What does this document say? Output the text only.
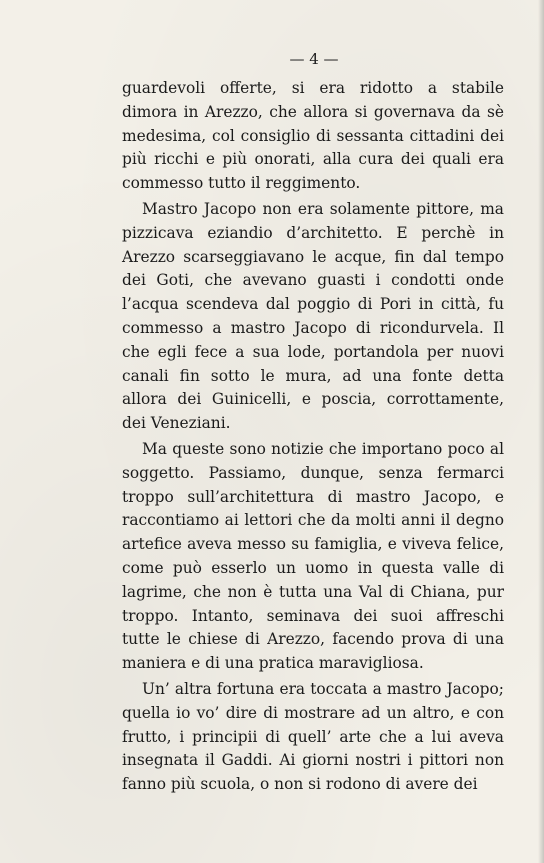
— 4 —

guardevoli offerte, si era ridotto a stabile dimora in Arezzo, che allora si governava da sè medesima, col consiglio di sessanta cittadini dei più ricchi e più onorati, alla cura dei quali era commesso tutto il reggimento.

Mastro Jacopo non era solamente pittore, ma pizzicava eziandio d’architetto. E perchè in Arezzo scarseggiavano le acque, fin dal tempo dei Goti, che avevano guasti i condotti onde l’acqua scendeva dal poggio di Pori in città, fu commesso a mastro Jacopo di ricondurvela. Il che egli fece a sua lode, portandola per nuovi canali fin sotto le mura, ad una fonte detta allora dei Guinicelli, e poscia, corrottamente, dei Veneziani.

Ma queste sono notizie che importano poco al soggetto. Passiamo, dunque, senza fermarci troppo sull’architettura di mastro Jacopo, e raccontiamo ai lettori che da molti anni il degno artefice aveva messo su famiglia, e viveva felice, come può esserlo un uomo in questa valle di lagrime, che non è tutta una Val di Chiana, pur troppo. Intanto, seminava dei suoi affreschi tutte le chiese di Arezzo, facendo prova di una maniera e di una pratica maravigliosa.

Un’ altra fortuna era toccata a mastro Jacopo; quella io vo’ dire di mostrare ad un altro, e con frutto, i principii di quell’ arte che a lui aveva insegnata il Gaddi. Ai giorni nostri i pittori non fanno più scuola, o non si rodono di avere dei
